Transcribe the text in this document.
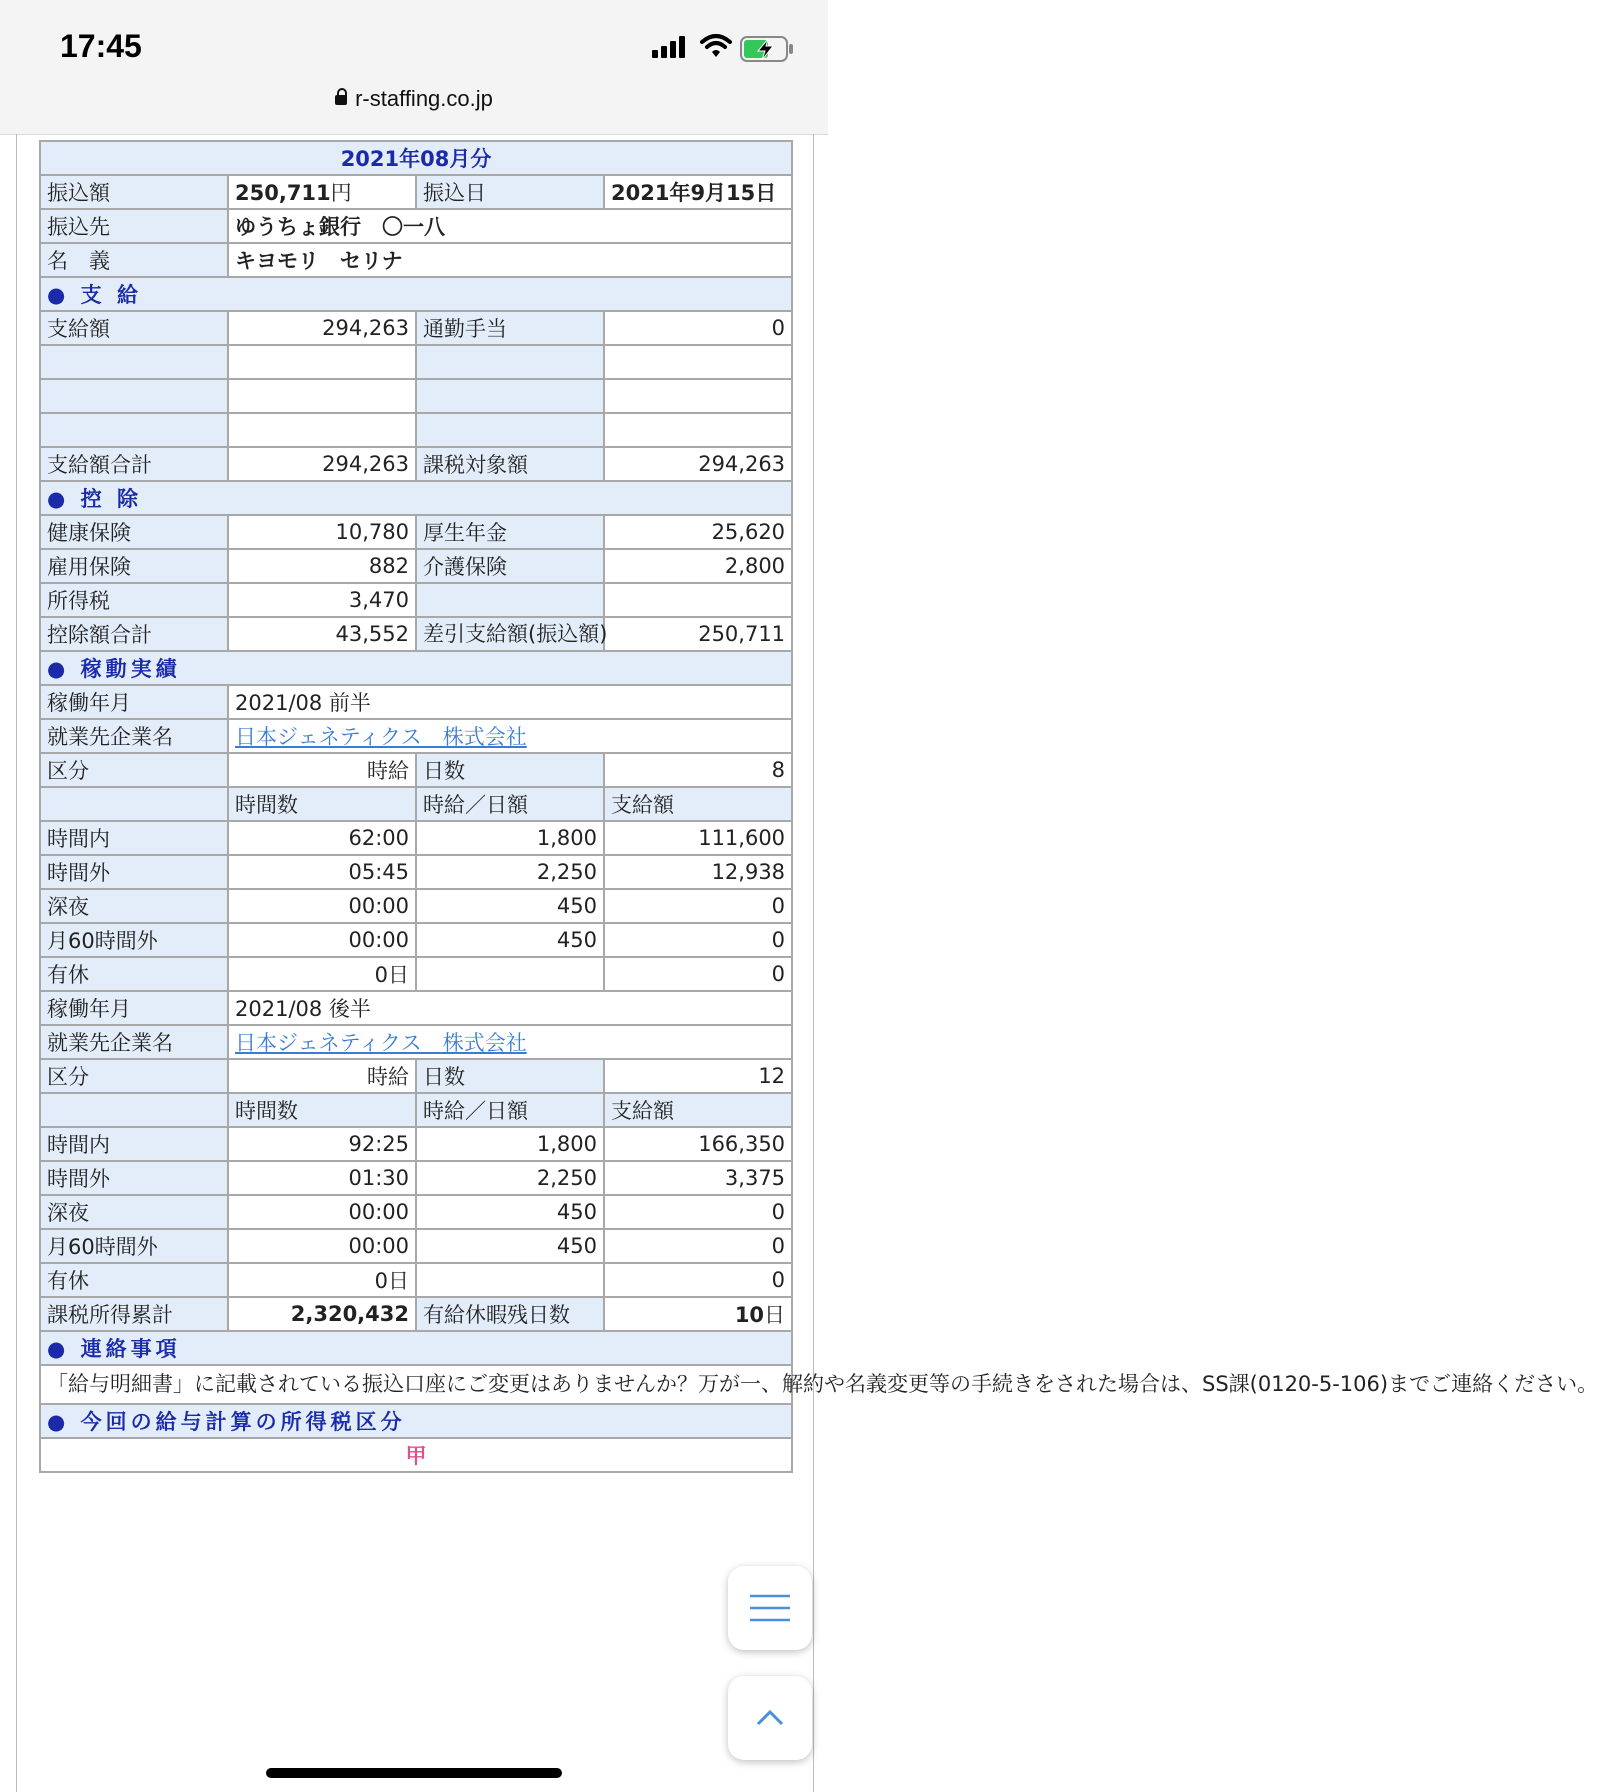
17:45
r-staffing.co.jp
2021年08月分			
振込額	250,711円	振込日	2021年9月15日
振込先	ゆうちょ銀行　〇一八		
名　義	キヨモリ　セリナ		
● 支 給			
支給額	294,263	通勤手当	0

支給額合計	294,263	課税対象額	294,263
● 控 除			
健康保険	10,780	厚生年金	25,620
雇用保険	882	介護保険	2,800
所得税	3,470		
控除額合計	43,552	差引支給額(振込額)	250,711
● 稼動実績			
稼働年月	2021/08 前半		
就業先企業名	日本ジェネティクス　株式会社		
区分	時給	日数	8
	時間数	時給／日額	支給額
時間内	62:00	1,800	111,600
時間外	05:45	2,250	12,938
深夜	00:00	450	0
月60時間外	00:00	450	0
有休	0日		0
稼働年月	2021/08 後半		
就業先企業名	日本ジェネティクス　株式会社		
区分	時給	日数	12
	時間数	時給／日額	支給額
時間内	92:25	1,800	166,350
時間外	01:30	2,250	3,375
深夜	00:00	450	0
月60時間外	00:00	450	0
有休	0日		0
課税所得累計	2,320,432	有給休暇残日数	10日
● 連絡事項			
「給与明細書」に記載されている振込口座にご変更はありませんか？万が一、解約や名義変更等の手続きをされた場合は、SS課(0120-5-106)までご連絡ください。			
● 今回の給与計算の所得税区分			
甲			
